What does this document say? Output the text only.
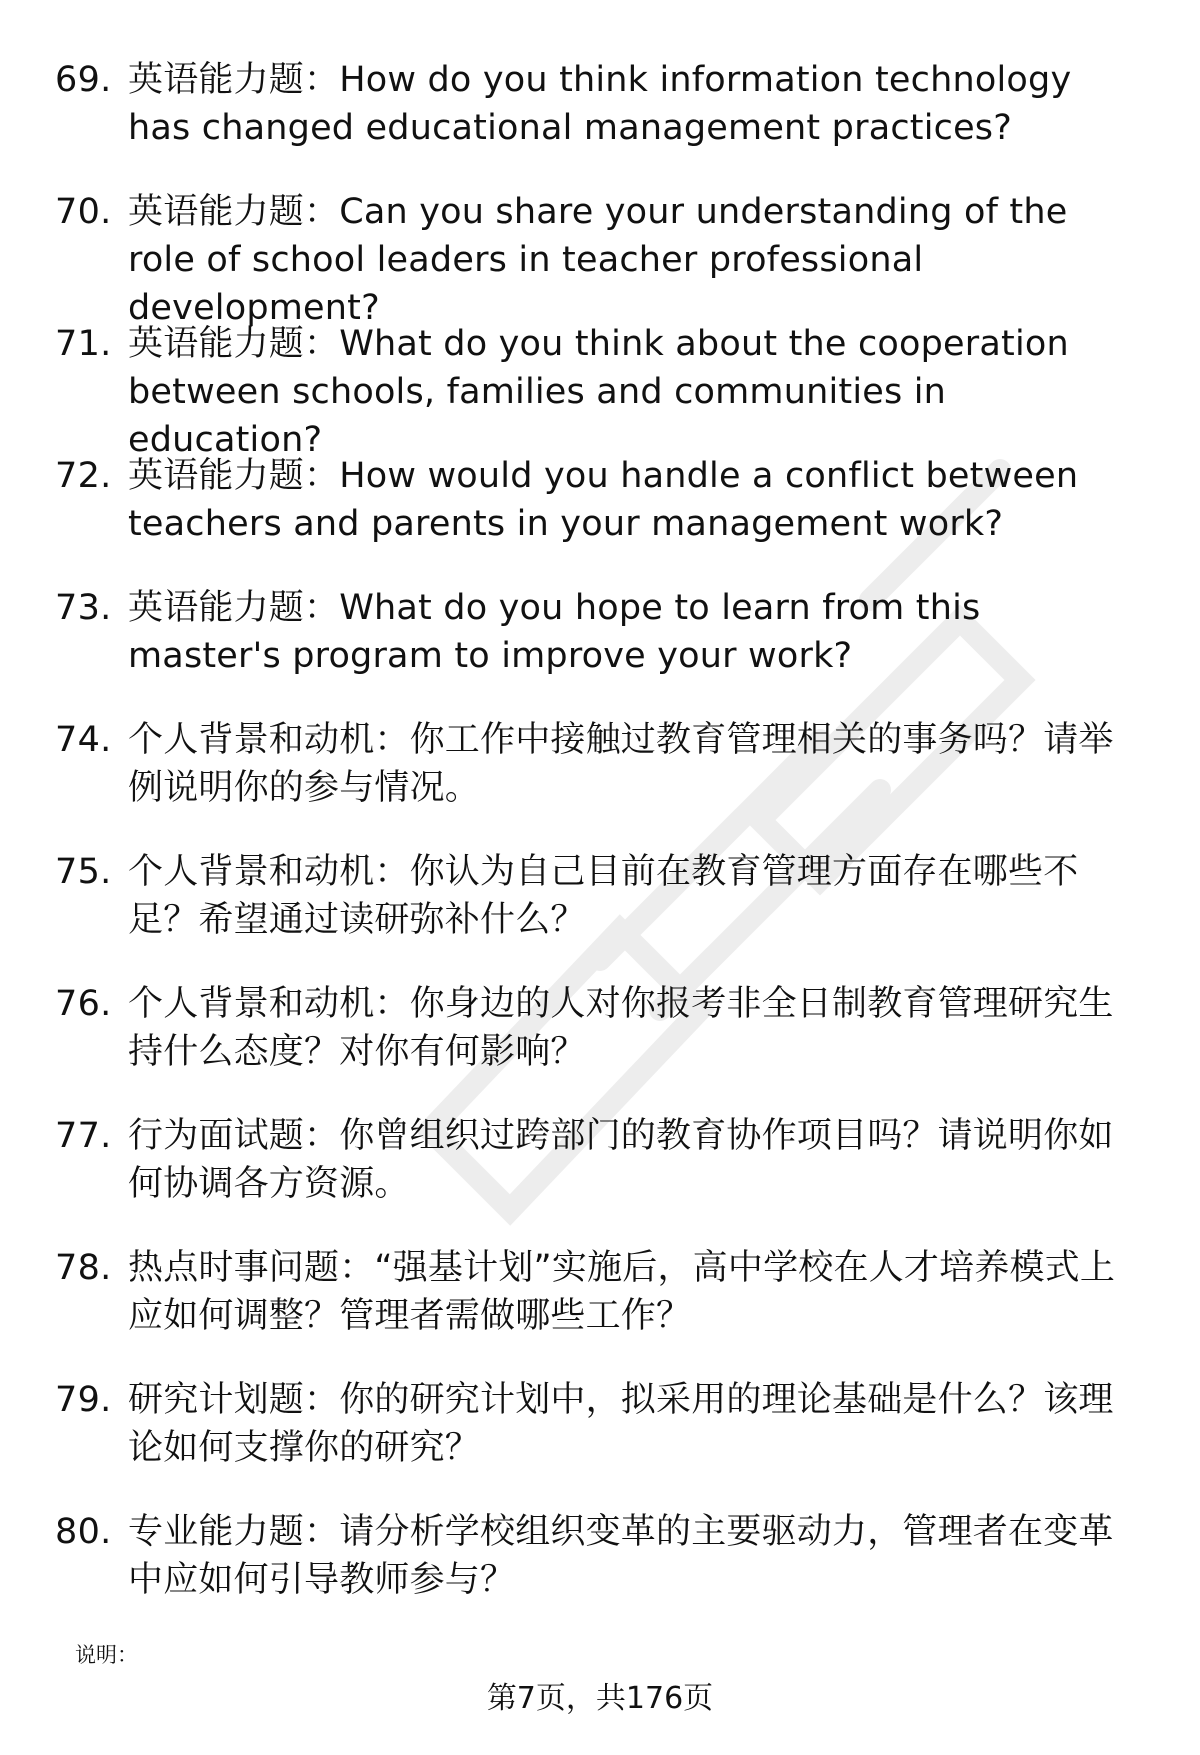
69. 英语能力题：How do you think information technology has changed educational management practices?
70. 英语能力题：Can you share your understanding of the role of school leaders in teacher professional development?
71. 英语能力题：What do you think about the cooperation between schools, families and communities in education?
72. 英语能力题：How would you handle a conflict between teachers and parents in your management work?
73. 英语能力题：What do you hope to learn from this master's program to improve your work?
74. 个人背景和动机：你工作中接触过教育管理相关的事务吗？请举例说明你的参与情况。
75. 个人背景和动机：你认为自己目前在教育管理方面存在哪些不足？希望通过读研弥补什么？
76. 个人背景和动机：你身边的人对你报考非全日制教育管理研究生持什么态度？对你有何影响？
77. 行为面试题：你曾组织过跨部门的教育协作项目吗？请说明你如何协调各方资源。
78. 热点时事问题：“强基计划”实施后，高中学校在人才培养模式上应如何调整？管理者需做哪些工作？
79. 研究计划题：你的研究计划中，拟采用的理论基础是什么？该理论如何支撑你的研究？
80. 专业能力题：请分析学校组织变革的主要驱动力，管理者在变革中应如何引导教师参与？
说明：
第7页，共176页
